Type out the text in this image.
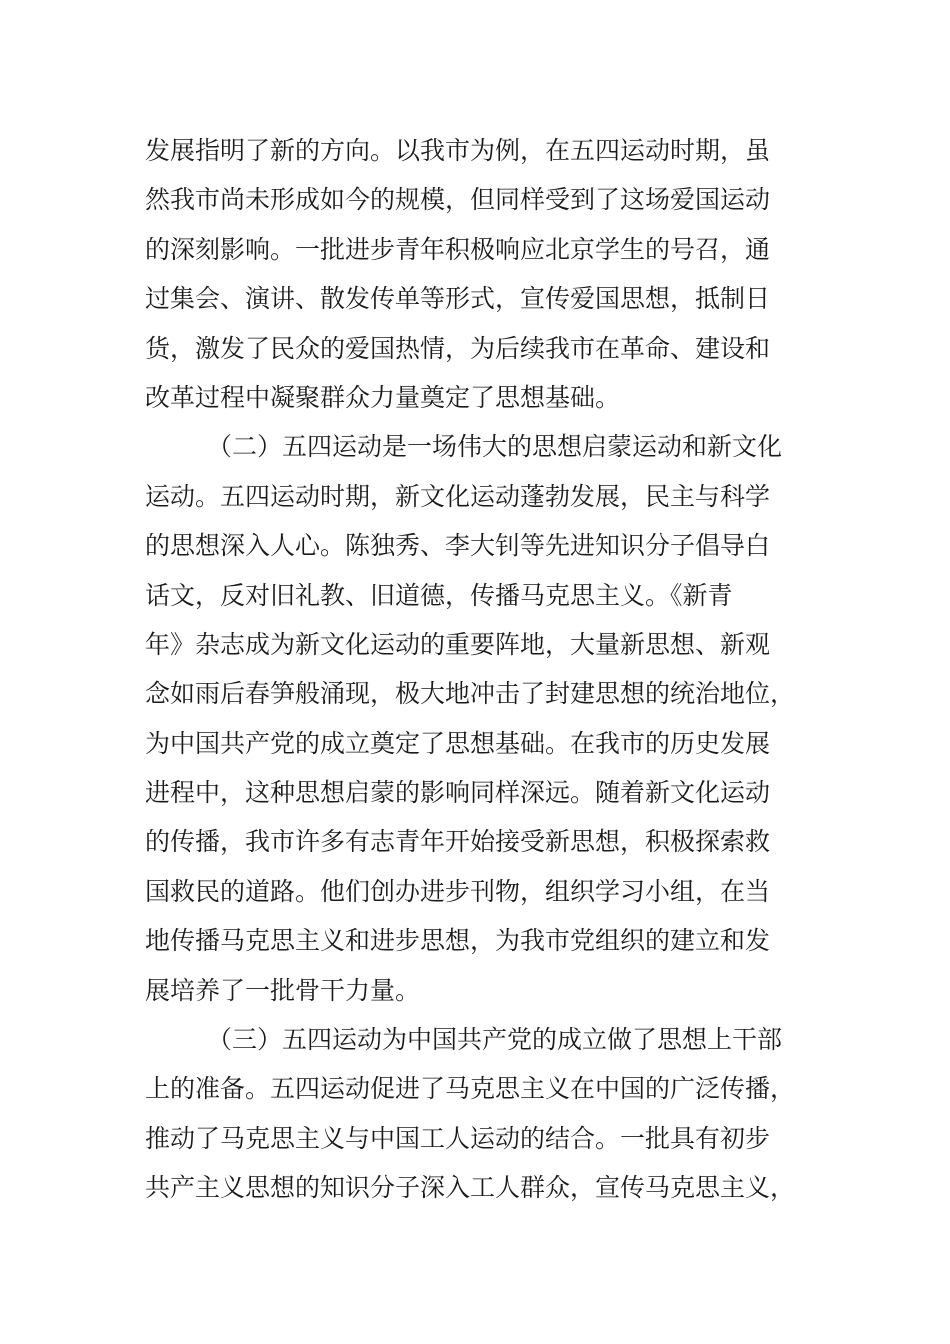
发展指明了新的方向。以我市为例，在五四运动时期，虽
然我市尚未形成如今的规模，但同样受到了这场爱国运动
的深刻影响。一批进步青年积极响应北京学生的号召，通
过集会、演讲、散发传单等形式，宣传爱国思想，抵制日
货，激发了民众的爱国热情，为后续我市在革命、建设和
改革过程中凝聚群众力量奠定了思想基础。
（二）五四运动是一场伟大的思想启蒙运动和新文化
运动。五四运动时期，新文化运动蓬勃发展，民主与科学
的思想深入人心。陈独秀、李大钊等先进知识分子倡导白
话文，反对旧礼教、旧道德，传播马克思主义。《新青
年》杂志成为新文化运动的重要阵地，大量新思想、新观
念如雨后春笋般涌现，极大地冲击了封建思想的统治地位，
为中国共产党的成立奠定了思想基础。在我市的历史发展
进程中，这种思想启蒙的影响同样深远。随着新文化运动
的传播，我市许多有志青年开始接受新思想，积极探索救
国救民的道路。他们创办进步刊物，组织学习小组，在当
地传播马克思主义和进步思想，为我市党组织的建立和发
展培养了一批骨干力量。
（三）五四运动为中国共产党的成立做了思想上干部
上的准备。五四运动促进了马克思主义在中国的广泛传播，
推动了马克思主义与中国工人运动的结合。一批具有初步
共产主义思想的知识分子深入工人群众，宣传马克思主义，
